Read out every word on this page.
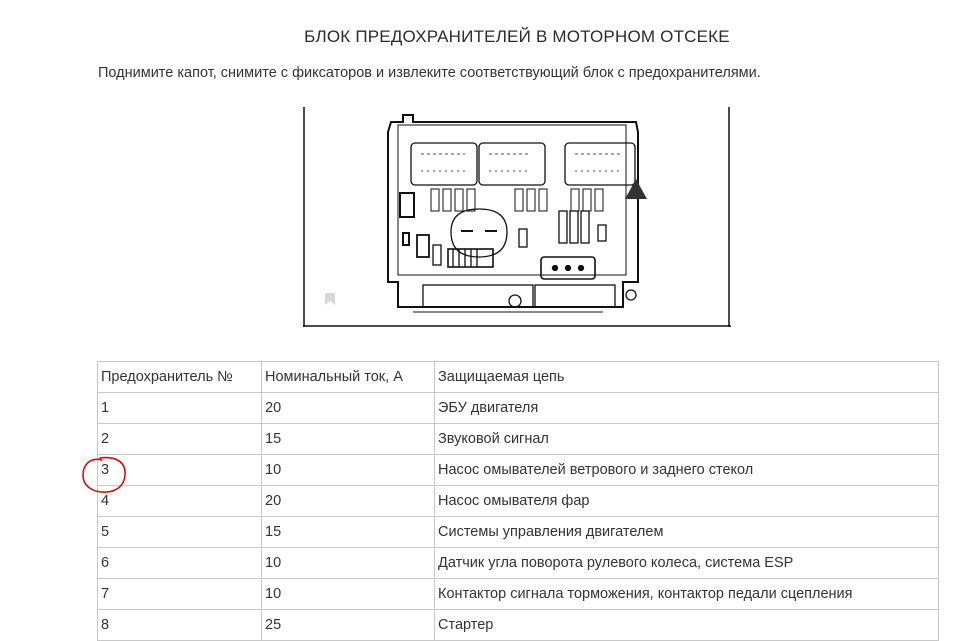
БЛОК ПРЕДОХРАНИТЕЛЕЙ В МОТОРНОМ ОТСЕКЕ
Поднимите капот, снимите с фиксаторов и извлеките соответствующий блок с предохранителями.
Предохранитель №	Номинальный ток, А	Защищаемая цепь
1	20	ЭБУ двигателя
2	15	Звуковой сигнал
3	10	Насос омывателей ветрового и заднего стекол
4	20	Насос омывателя фар
5	15	Системы управления двигателем
6	10	Датчик угла поворота рулевого колеса, система ESP
7	10	Контактор сигнала торможения, контактор педали сцепления
8	25	Стартер
